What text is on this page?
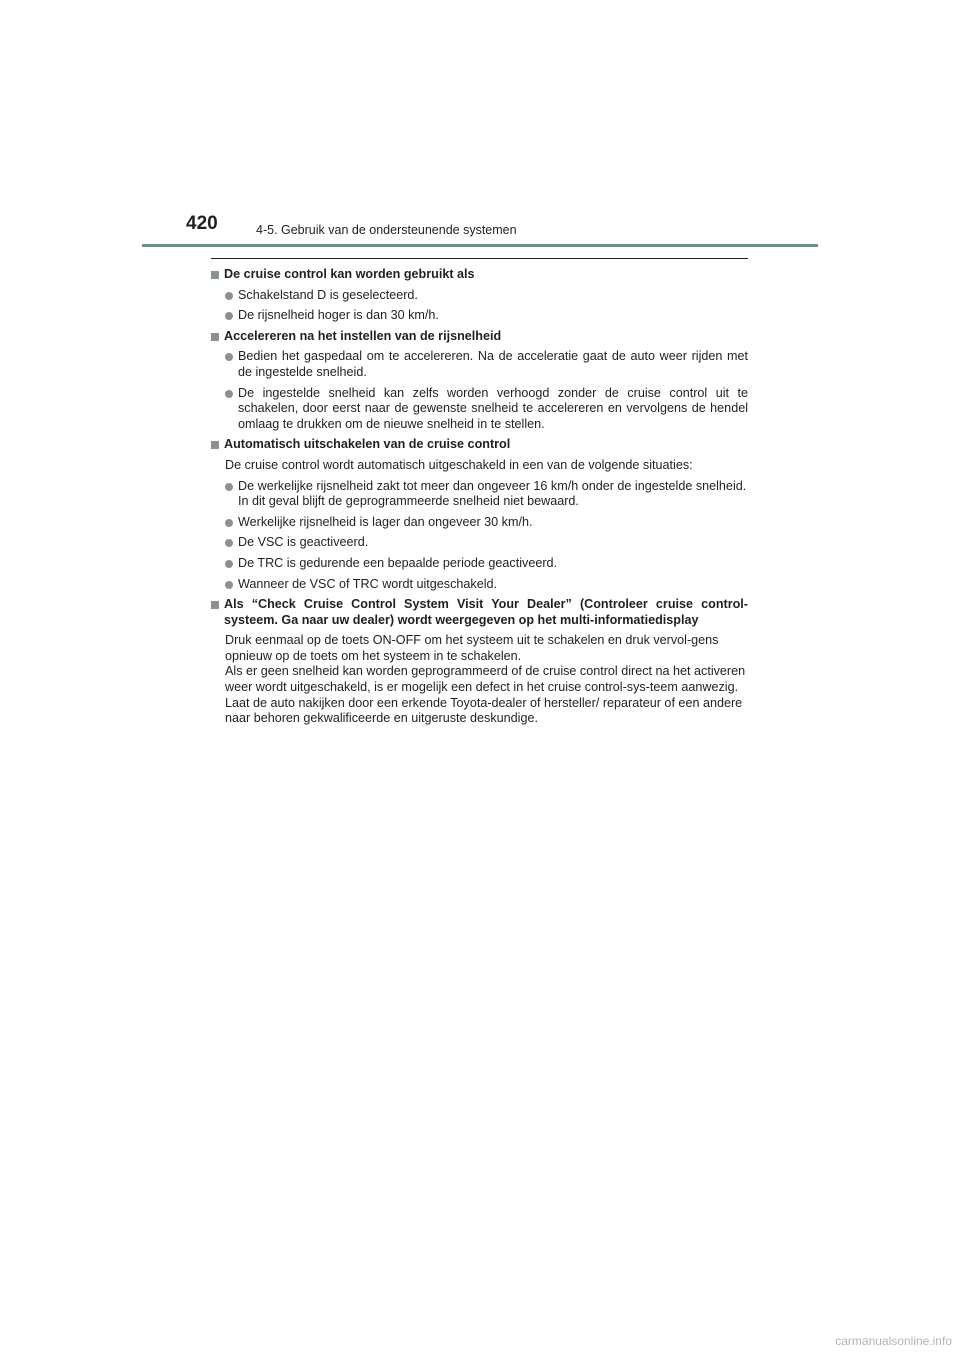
420	4-5. Gebruik van de ondersteunende systemen
De cruise control kan worden gebruikt als
Schakelstand D is geselecteerd.
De rijsnelheid hoger is dan 30 km/h.
Accelereren na het instellen van de rijsnelheid
Bedien het gaspedaal om te accelereren. Na de acceleratie gaat de auto weer rijden met de ingestelde snelheid.
De ingestelde snelheid kan zelfs worden verhoogd zonder de cruise control uit te schakelen, door eerst naar de gewenste snelheid te accelereren en vervolgens de hendel omlaag te drukken om de nieuwe snelheid in te stellen.
Automatisch uitschakelen van de cruise control
De cruise control wordt automatisch uitgeschakeld in een van de volgende situaties:
De werkelijke rijsnelheid zakt tot meer dan ongeveer 16 km/h onder de ingestelde snelheid.
In dit geval blijft de geprogrammeerde snelheid niet bewaard.
Werkelijke rijsnelheid is lager dan ongeveer 30 km/h.
De VSC is geactiveerd.
De TRC is gedurende een bepaalde periode geactiveerd.
Wanneer de VSC of TRC wordt uitgeschakeld.
Als “Check Cruise Control System Visit Your Dealer” (Controleer cruise control-systeem. Ga naar uw dealer) wordt weergegeven op het multi-informatiedisplay
Druk eenmaal op de toets ON-OFF om het systeem uit te schakelen en druk vervol-gens opnieuw op de toets om het systeem in te schakelen.
Als er geen snelheid kan worden geprogrammeerd of de cruise control direct na het activeren weer wordt uitgeschakeld, is er mogelijk een defect in het cruise control-sys-teem aanwezig. Laat de auto nakijken door een erkende Toyota-dealer of hersteller/ reparateur of een andere naar behoren gekwalificeerde en uitgeruste deskundige.
carmanualsonline.info
